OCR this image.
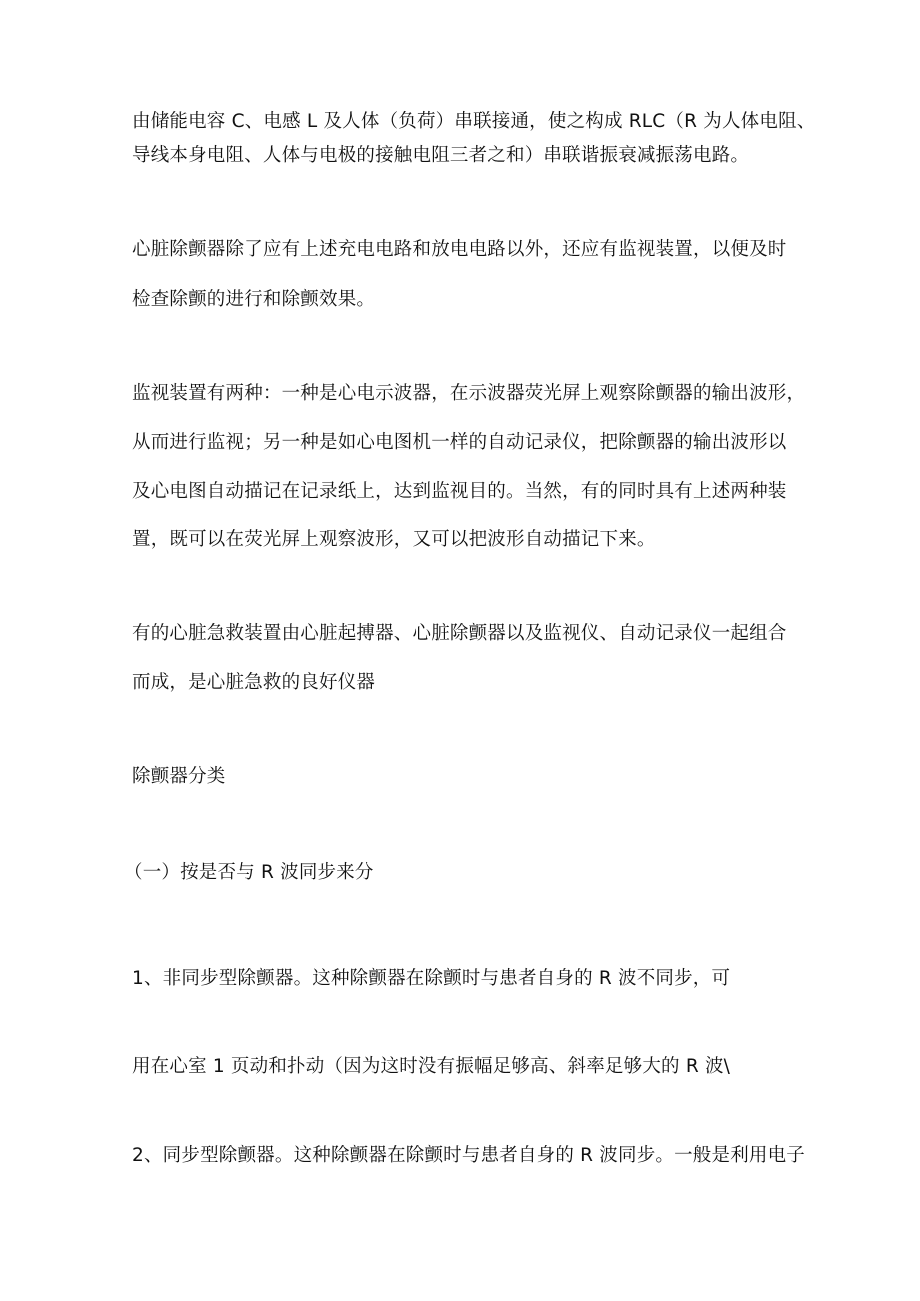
由储能电容 C、电感 L 及人体（负荷）串联接通，使之构成 RLC（R 为人体电阻、
导线本身电阻、人体与电极的接触电阻三者之和）串联谐振衰减振荡电路。
心脏除颤器除了应有上述充电电路和放电电路以外，还应有监视装置，以便及时
检查除颤的进行和除颤效果。
监视装置有两种：一种是心电示波器，在示波器荧光屏上观察除颤器的输出波形，
从而进行监视；另一种是如心电图机一样的自动记录仪，把除颤器的输出波形以
及心电图自动描记在记录纸上，达到监视目的。当然，有的同时具有上述两种装
置，既可以在荧光屏上观察波形，又可以把波形自动描记下来。
有的心脏急救装置由心脏起搏器、心脏除颤器以及监视仪、自动记录仪一起组合
而成，是心脏急救的良好仪器
除颤器分类
（一）按是否与 R 波同步来分
1、非同步型除颤器。这种除颤器在除颤时与患者自身的 R 波不同步，可
用在心室 1 页动和扑动（因为这时没有振幅足够高、斜率足够大的 R 波\
2、同步型除颤器。这种除颤器在除颤时与患者自身的 R 波同步。一般是利用电子
